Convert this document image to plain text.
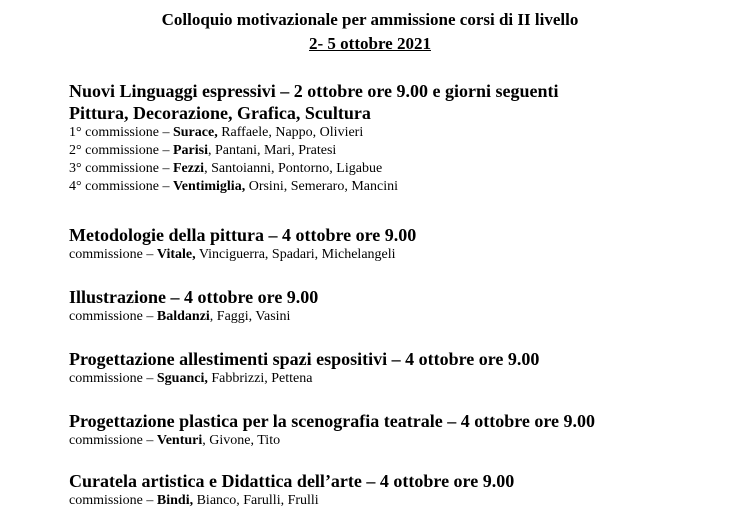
Colloquio motivazionale per ammissione corsi di II livello
2- 5 ottobre 2021
Nuovi Linguaggi espressivi – 2 ottobre ore 9.00 e giorni seguenti
Pittura, Decorazione, Grafica, Scultura
1° commissione – Surace, Raffaele, Nappo, Olivieri
2° commissione – Parisi, Pantani, Mari, Pratesi
3° commissione – Fezzi, Santoianni, Pontorno, Ligabue
4° commissione – Ventimiglia, Orsini, Semeraro, Mancini
Metodologie della pittura – 4 ottobre ore 9.00
commissione – Vitale, Vinciguerra, Spadari, Michelangeli
Illustrazione – 4 ottobre ore 9.00
commissione – Baldanzi, Faggi, Vasini
Progettazione allestimenti spazi espositivi – 4 ottobre ore 9.00
commissione – Sguanci, Fabbrizzi, Pettena
Progettazione plastica per la scenografia teatrale – 4 ottobre ore 9.00
commissione – Venturi, Givone, Tito
Curatela artistica e Didattica dell’arte – 4 ottobre ore 9.00
commissione – Bindi, Bianco, Farulli, Frulli
